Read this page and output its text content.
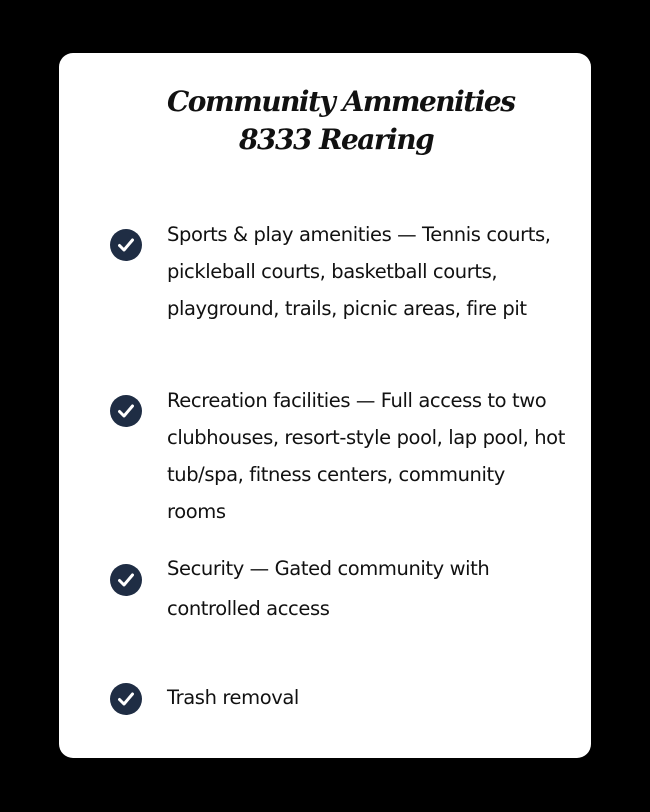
Community Ammenities
8333 Rearing

Sports & play amenities — Tennis courts, pickleball courts, basketball courts, playground, trails, picnic areas, fire pit

Recreation facilities — Full access to two clubhouses, resort-style pool, lap pool, hot tub/spa, fitness centers, community rooms

Security — Gated community with controlled access

Trash removal
